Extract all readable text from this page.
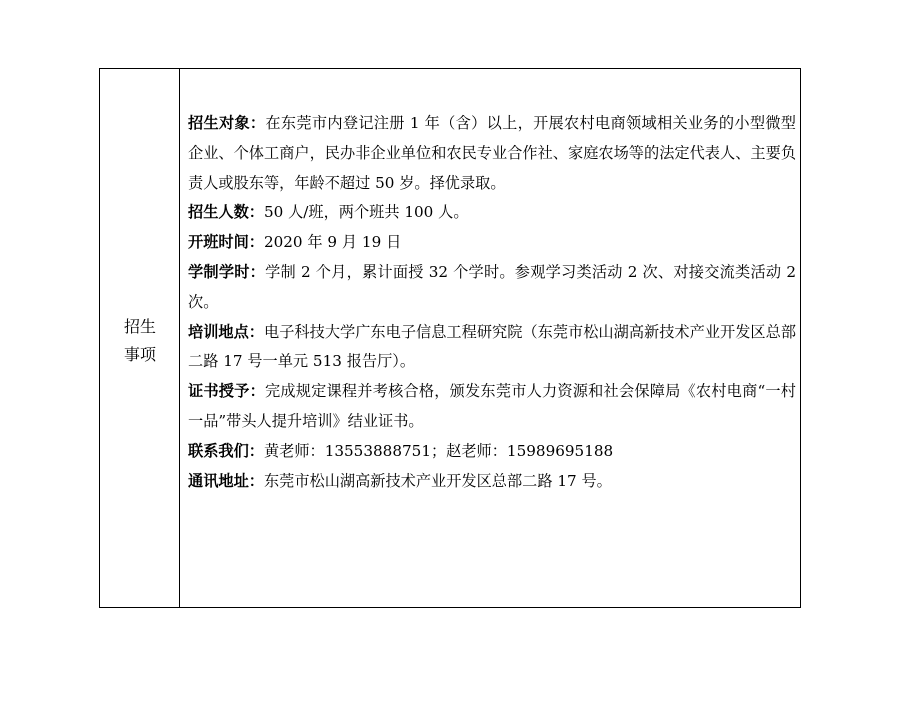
招生
事项

招生对象：在东莞市内登记注册 1 年（含）以上，开展农村电商领域相关业务的小型微型企业、个体工商户，民办非企业单位和农民专业合作社、家庭农场等的法定代表人、主要负责人或股东等，年龄不超过 50 岁。择优录取。

招生人数：50 人/班，两个班共 100 人。

开班时间：2020 年 9 月 19 日

学制学时：学制 2 个月，累计面授 32 个学时。参观学习类活动 2 次、对接交流类活动 2 次。

培训地点：电子科技大学广东电子信息工程研究院（东莞市松山湖高新技术产业开发区总部二路 17 号一单元 513 报告厅）。

证书授予：完成规定课程并考核合格，颁发东莞市人力资源和社会保障局《农村电商“一村一品”带头人提升培训》结业证书。

联系我们：黄老师：13553888751；赵老师：15989695188

通讯地址：东莞市松山湖高新技术产业开发区总部二路 17 号。
